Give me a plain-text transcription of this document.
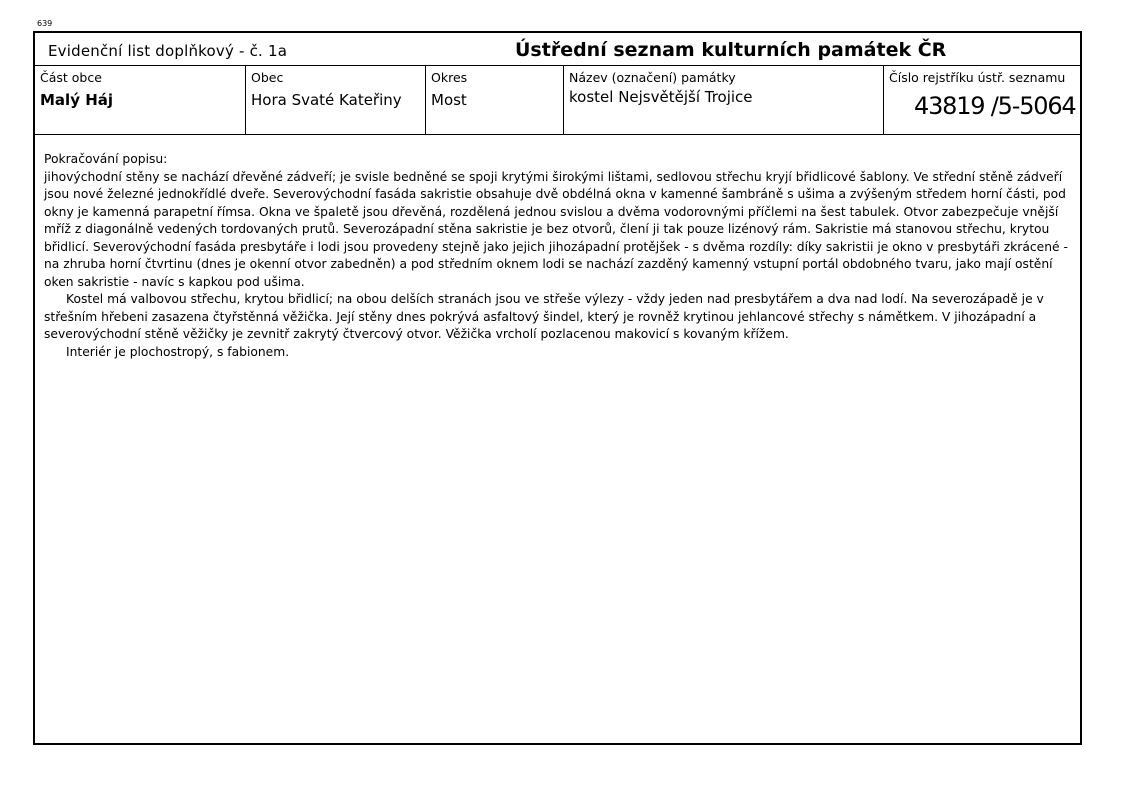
639
Evidenční list doplňkový - č. 1a	Ústřední seznam kulturních památek ČR
Část obce
Malý Háj
Obec
Hora Svaté Kateřiny
Okres
Most
Název (označení) památky
kostel Nejsvětější Trojice
Číslo rejstříku ústř. seznamu
43819 /5-5064

Pokračování popisu:

jihovýchodní stěny se nachází dřevěné zádveří; je svisle bedněné se spoji krytými širokými lištami, sedlovou střechu kryjí břidlicové šablony. Ve střední stěně zádveří jsou nové železné jednokřídlé dveře. Severovýchodní fasáda sakristie obsahuje dvě obdélná okna v kamenné šambráně s ušima a zvýšeným středem horní části, pod okny je kamenná parapetní římsa. Okna ve špaletě jsou dřevěná, rozdělená jednou svislou a dvěma vodorovnými příčlemi na šest tabulek. Otvor zabezpečuje vnější mříž z diagonálně vedených tordovaných prutů. Severozápadní stěna sakristie je bez otvorů, člení ji tak pouze lizénový rám. Sakristie má stanovou střechu, krytou břidlicí. Severovýchodní fasáda presbytáře i lodi jsou provedeny stejně jako jejich jihozápadní protějšek - s dvěma rozdíly: díky sakristii je okno v presbytáři zkrácené - na zhruba horní čtvrtinu (dnes je okenní otvor zabedněn) a pod středním oknem lodi se nachází zazděný kamenný vstupní portál obdobného tvaru, jako mají ostění oken sakristie - navíc s kapkou pod ušima.

Kostel má valbovou střechu, krytou břidlicí; na obou delších stranách jsou ve střeše výlezy - vždy jeden nad presbytářem a dva nad lodí. Na severozápadě je v střešním hřebeni zasazena čtyřstěnná věžička. Její stěny dnes pokrývá asfaltový šindel, který je rovněž krytinou jehlancové střechy s námětkem. V jihozápadní a severovýchodní stěně věžičky je zevnitř zakrytý čtvercový otvor. Věžička vrcholí pozlacenou makovicí s kovaným křížem.

Interiér je plochostropý, s fabionem.
